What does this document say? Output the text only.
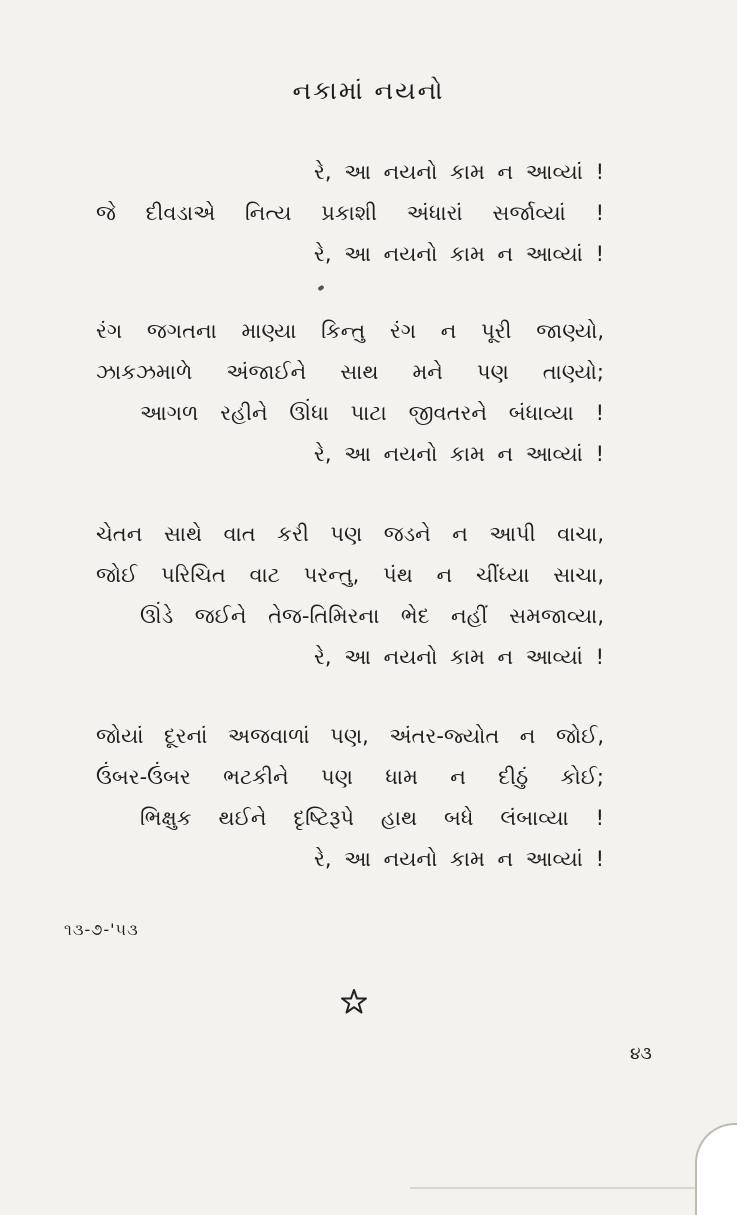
નકામાં નયનો
રે, આ નયનો કામ ન આવ્યાં !
જે દીવડાએ નિત્ય પ્રકાશી અંધારાં સર્જાવ્યાં !
રે, આ નયનો કામ ન આવ્યાં !
રંગ જગતના માણ્યા કિન્તુ રંગ ન પૂરી જાણ્યો,
ઝાકઝમાળે અંજાઈને સાથ મને પણ તાણ્યો;
આગળ રહીને ઊંધા પાટા જીવતરને બંધાવ્યા !
રે, આ નયનો કામ ન આવ્યાં !
ચેતન સાથે વાત કરી પણ જડને ન આપી વાચા,
જોઈ પરિચિત વાટ પરન્તુ, પંથ ન ચીંધ્યા સાચા,
ઊંડે જઈને તેજ-તિમિરના ભેદ નહીં સમજાવ્યા,
રે, આ નયનો કામ ન આવ્યાં !
જોયાં દૂરનાં અજવાળાં પણ, અંતર-જ્યોત ન જોઈ,
ઉંબર-ઉંબર ભટકીને પણ ધામ ન દીઠું કોઈ;
ભિક્ષુક થઈને દૃષ્ટિરૂપે હાથ બધે લંબાવ્યા !
રે, આ નયનો કામ ન આવ્યાં !
૧૩-૭-'૫૩
૪૩
